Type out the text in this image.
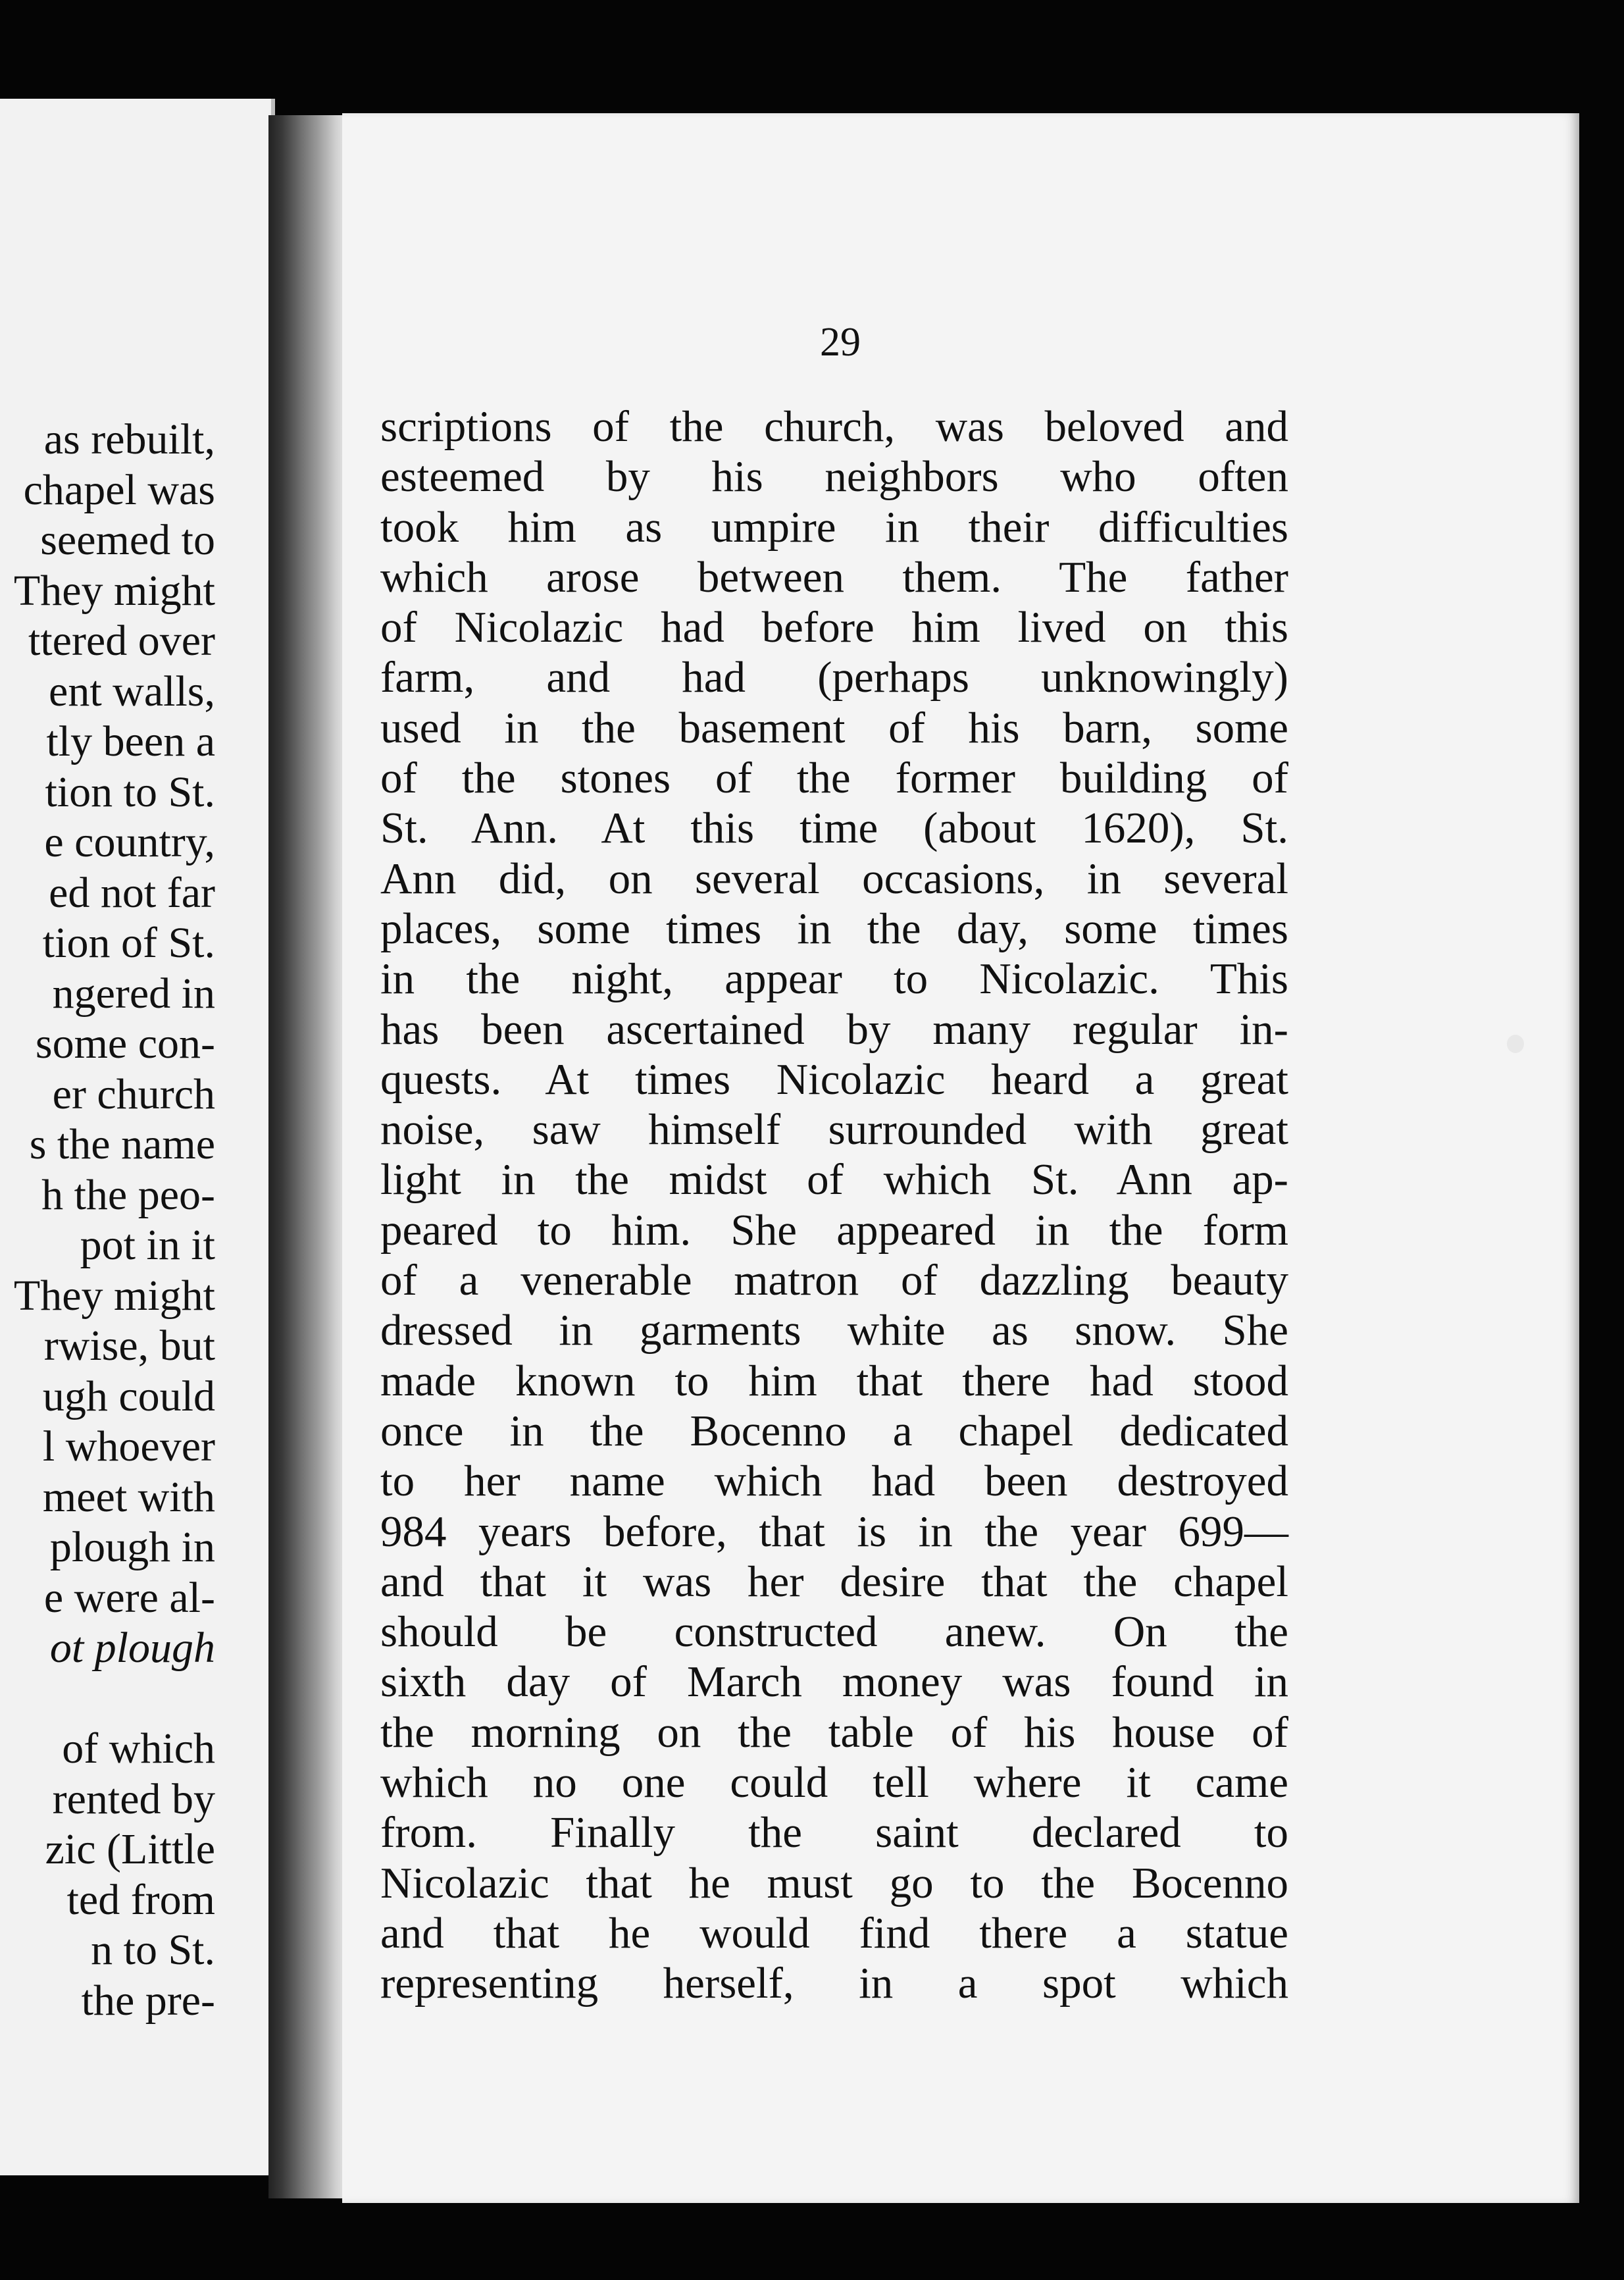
as rebuilt,
chapel was
seemed to
They might
ttered over
ent walls,
tly been a
tion to St.
e country,
ed not far
tion of St.
ngered in
some con-
er church
s the name
h the peo-
pot in it
They might
rwise, but
ugh could
l whoever
meet with
plough in
e were al-
ot plough
of which
rented by
zic (Little
ted from
n to St.
the pre-
29
scriptions of the church, was beloved and
esteemed by his neighbors who often
took him as umpire in their difficulties
which arose between them. The father
of Nicolazic had before him lived on this
farm, and had (perhaps unknowingly)
used in the basement of his barn, some
of the stones of the former building of
St. Ann. At this time (about 1620), St.
Ann did, on several occasions, in several
places, some times in the day, some times
in the night, appear to Nicolazic. This
has been ascertained by many regular in-
quests. At times Nicolazic heard a great
noise, saw himself surrounded with great
light in the midst of which St. Ann ap-
peared to him. She appeared in the form
of a venerable matron of dazzling beauty
dressed in garments white as snow. She
made known to him that there had stood
once in the Bocenno a chapel dedicated
to her name which had been destroyed
984 years before, that is in the year 699—
and that it was her desire that the chapel
should be constructed anew. On the
sixth day of March money was found in
the morning on the table of his house of
which no one could tell where it came
from. Finally the saint declared to
Nicolazic that he must go to the Bocenno
and that he would find there a statue
representing herself, in a spot which
